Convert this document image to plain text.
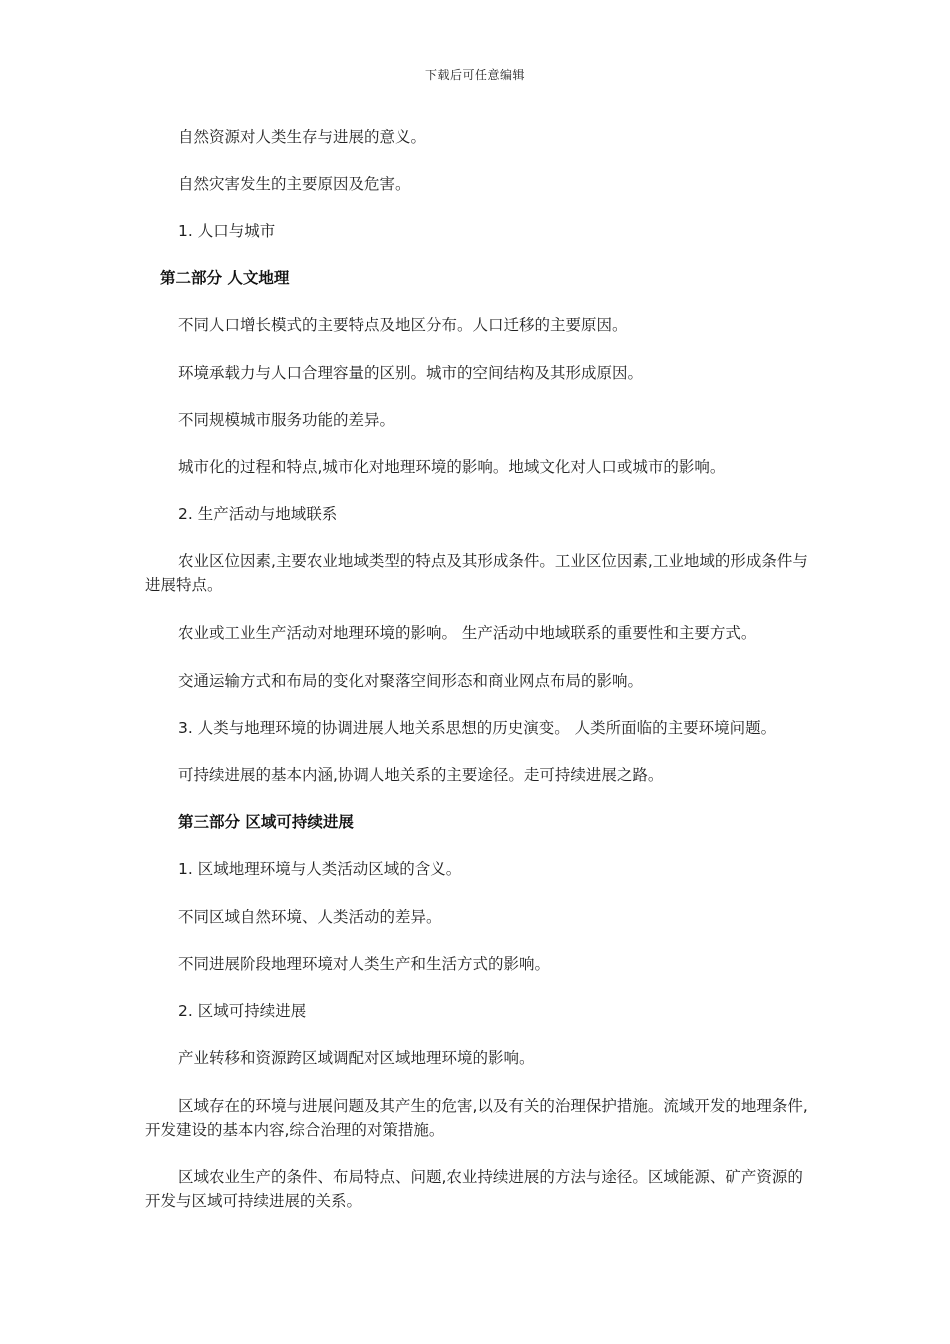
下载后可任意编辑
自然资源对人类生存与进展的意义。
自然灾害发生的主要原因及危害。
1. 人口与城市
第二部分 人文地理
不同人口增长模式的主要特点及地区分布。人口迁移的主要原因。
环境承载力与人口合理容量的区别。城市的空间结构及其形成原因。
不同规模城市服务功能的差异。
城市化的过程和特点,城市化对地理环境的影响。地域文化对人口或城市的影响。
2. 生产活动与地域联系
农业区位因素,主要农业地域类型的特点及其形成条件。工业区位因素,工业地域的形成条件与进展特点。
农业或工业生产活动对地理环境的影响。 生产活动中地域联系的重要性和主要方式。
交通运输方式和布局的变化对聚落空间形态和商业网点布局的影响。
3. 人类与地理环境的协调进展人地关系思想的历史演变。 人类所面临的主要环境问题。
可持续进展的基本内涵,协调人地关系的主要途径。走可持续进展之路。
第三部分 区域可持续进展
1. 区域地理环境与人类活动区域的含义。
不同区域自然环境、人类活动的差异。
不同进展阶段地理环境对人类生产和生活方式的影响。
2. 区域可持续进展
产业转移和资源跨区域调配对区域地理环境的影响。
区域存在的环境与进展问题及其产生的危害,以及有关的治理保护措施。流域开发的地理条件,开发建设的基本内容,综合治理的对策措施。
区域农业生产的条件、布局特点、问题,农业持续进展的方法与途径。区域能源、矿产资源的开发与区域可持续进展的关系。
